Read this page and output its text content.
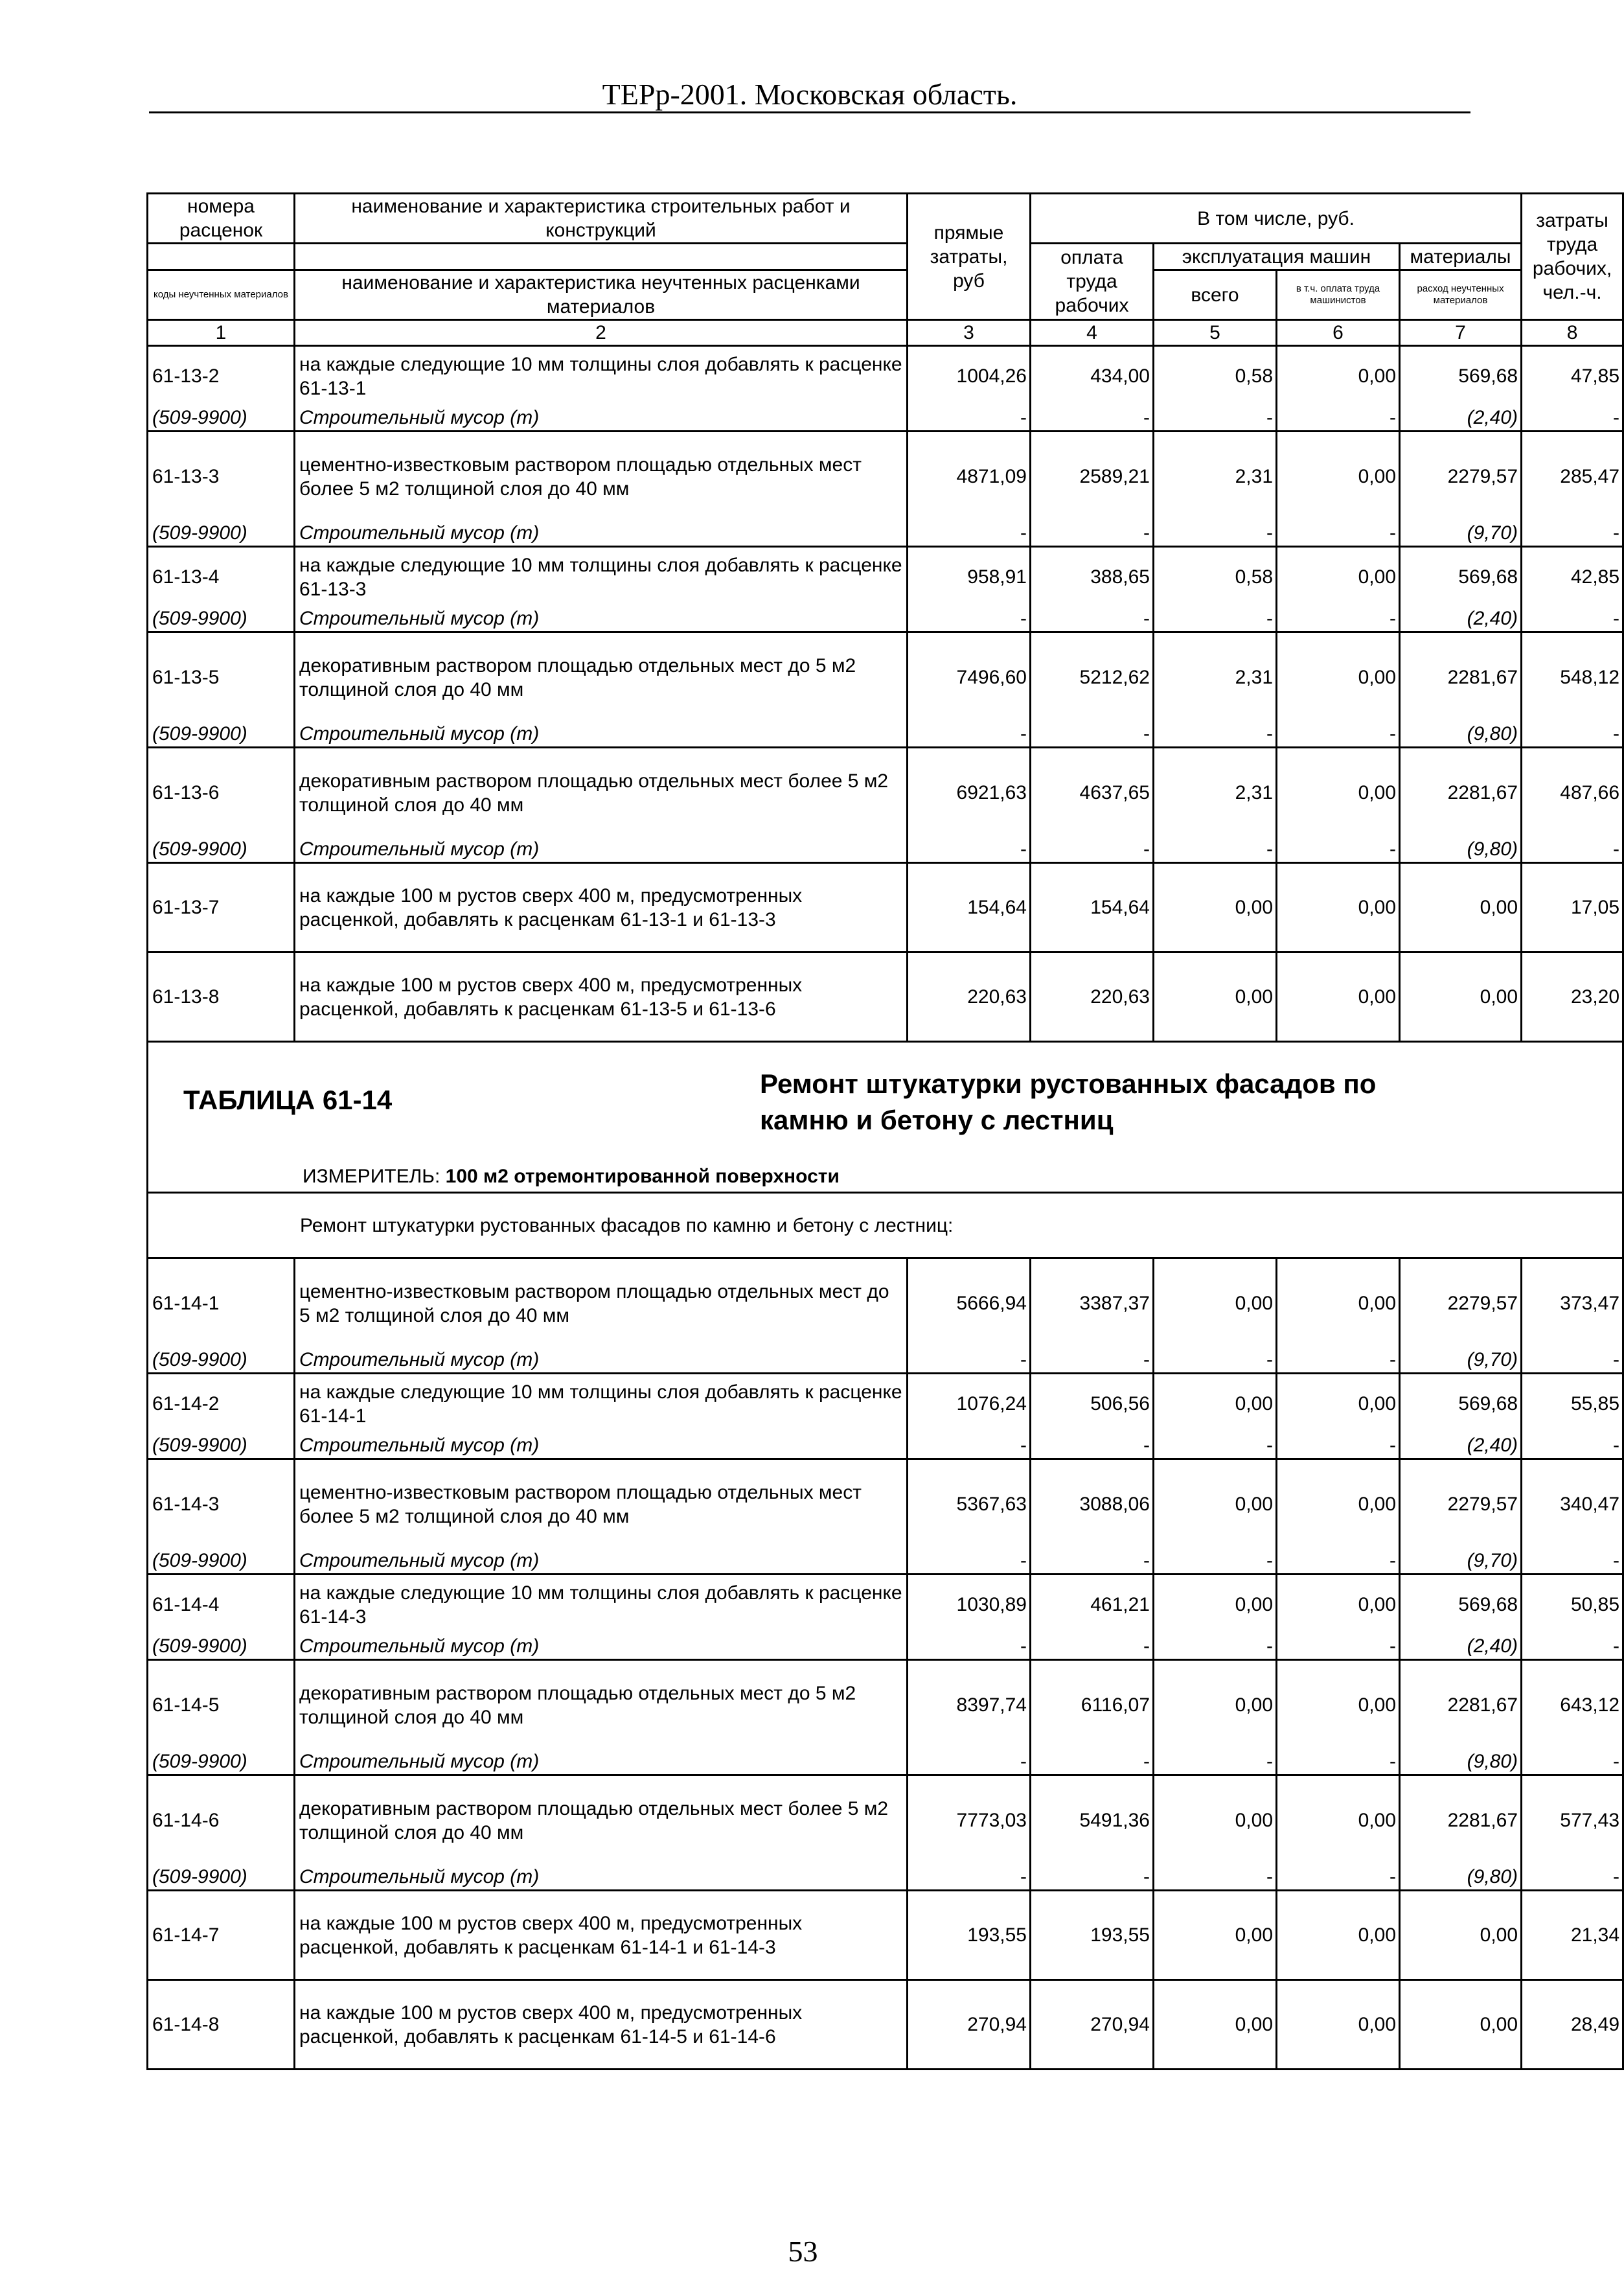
ТЕРр-2001. Московская область.
номера расценок	наименование и характеристика строительных работ и конструкций	прямые затраты, руб	В том числе, руб.				затраты труда рабочих, чел.-ч.
			оплата труда рабочих	эксплуатация машин		материалы	
коды неучтенных материалов	наименование и характеристика неучтенных расценками материалов			всего	в т.ч. оплата труда машинистов	расход неучтенных материалов	

1	2	3	4	5	6	7	8
61-13-2	на каждые следующие 10 мм толщины слоя добавлять к расценке 61-13-1	1004,26	434,00	0,58	0,00	569,68	47,85
(509-9900)	Строительный мусор (т)	-	-	-	-	(2,40)	-
61-13-3	цементно-известковым раствором площадью отдельных мест более 5 м2 толщиной слоя до 40 мм	4871,09	2589,21	2,31	0,00	2279,57	285,47
(509-9900)	Строительный мусор (т)	-	-	-	-	(9,70)	-
61-13-4	на каждые следующие 10 мм толщины слоя добавлять к расценке 61-13-3	958,91	388,65	0,58	0,00	569,68	42,85
(509-9900)	Строительный мусор (т)	-	-	-	-	(2,40)	-
61-13-5	декоративным раствором площадью отдельных мест до 5 м2 толщиной слоя до 40 мм	7496,60	5212,62	2,31	0,00	2281,67	548,12
(509-9900)	Строительный мусор (т)	-	-	-	-	(9,80)	-
61-13-6	декоративным раствором площадью отдельных мест более 5 м2 толщиной слоя до 40 мм	6921,63	4637,65	2,31	0,00	2281,67	487,66
(509-9900)	Строительный мусор (т)	-	-	-	-	(9,80)	-
61-13-7	на каждые 100 м рустов сверх 400 м, предусмотренных расценкой, добавлять к расценкам 61-13-1 и 61-13-3	154,64	154,64	0,00	0,00	0,00	17,05
61-13-8	на каждые 100 м рустов сверх 400 м, предусмотренных расценкой, добавлять к расценкам 61-13-5 и 61-13-6	220,63	220,63	0,00	0,00	0,00	23,20

ТАБЛИЦА 61-14
Ремонт штукатурки рустованных фасадов по камню и бетону с лестниц
ИЗМЕРИТЕЛЬ: 100 м2 отремонтированной поверхности							

Ремонт штукатурки рустованных фасадов по камню и бетону с лестниц:							
61-14-1	цементно-известковым раствором площадью отдельных мест до 5 м2 толщиной слоя до 40 мм	5666,94	3387,37	0,00	0,00	2279,57	373,47
(509-9900)	Строительный мусор (т)	-	-	-	-	(9,70)	-
61-14-2	на каждые следующие 10 мм толщины слоя добавлять к расценке 61-14-1	1076,24	506,56	0,00	0,00	569,68	55,85
(509-9900)	Строительный мусор (т)	-	-	-	-	(2,40)	-
61-14-3	цементно-известковым раствором площадью отдельных мест более 5 м2 толщиной слоя до 40 мм	5367,63	3088,06	0,00	0,00	2279,57	340,47
(509-9900)	Строительный мусор (т)	-	-	-	-	(9,70)	-
61-14-4	на каждые следующие 10 мм толщины слоя добавлять к расценке 61-14-3	1030,89	461,21	0,00	0,00	569,68	50,85
(509-9900)	Строительный мусор (т)	-	-	-	-	(2,40)	-
61-14-5	декоративным раствором площадью отдельных мест до 5 м2 толщиной слоя до 40 мм	8397,74	6116,07	0,00	0,00	2281,67	643,12
(509-9900)	Строительный мусор (т)	-	-	-	-	(9,80)	-
61-14-6	декоративным раствором площадью отдельных мест более 5 м2 толщиной слоя до 40 мм	7773,03	5491,36	0,00	0,00	2281,67	577,43
(509-9900)	Строительный мусор (т)	-	-	-	-	(9,80)	-
61-14-7	на каждые 100 м рустов сверх 400 м, предусмотренных расценкой, добавлять к расценкам 61-14-1 и 61-14-3	193,55	193,55	0,00	0,00	0,00	21,34
61-14-8	на каждые 100 м рустов сверх 400 м, предусмотренных расценкой, добавлять к расценкам 61-14-5 и 61-14-6	270,94	270,94	0,00	0,00	0,00	28,49
53
